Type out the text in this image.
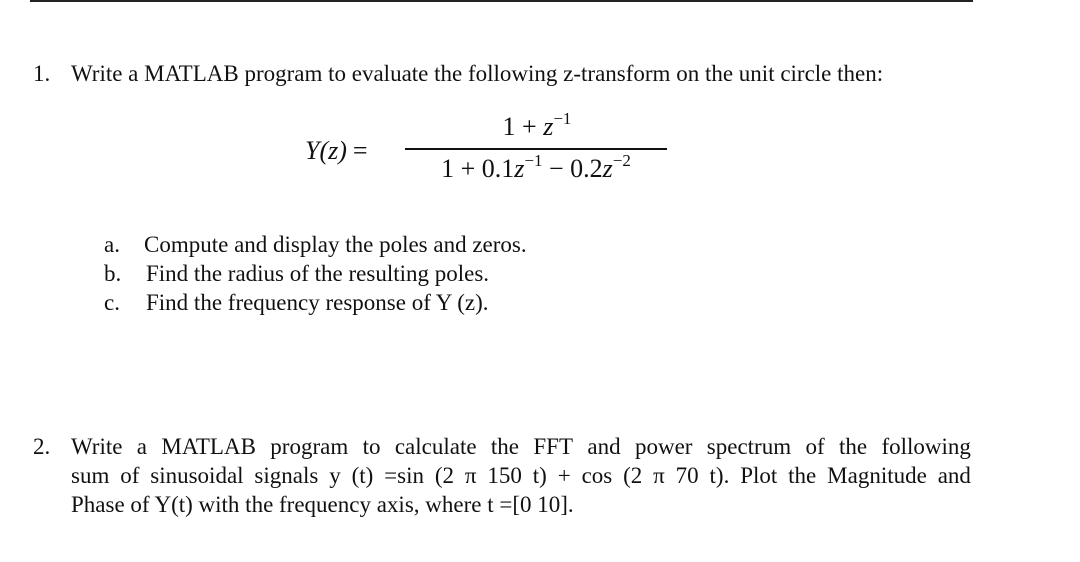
1. Write a MATLAB program to evaluate the following z-transform on the unit circle then:
Y(z) =
$1 + z^{-1}$
$1 + 0.1z^{-1} - 0.2z^{-2}$
a. Compute and display the poles and zeros.
b. Find the radius of the resulting poles.
c. Find the frequency response of Y (z).
2. Write a MATLAB program to calculate the FFT and power spectrum of the following
sum of sinusoidal signals y (t) =sin (2 π 150 t) + cos (2 π 70 t). Plot the Magnitude and
Phase of Y(t) with the frequency axis, where t =[0 10].
